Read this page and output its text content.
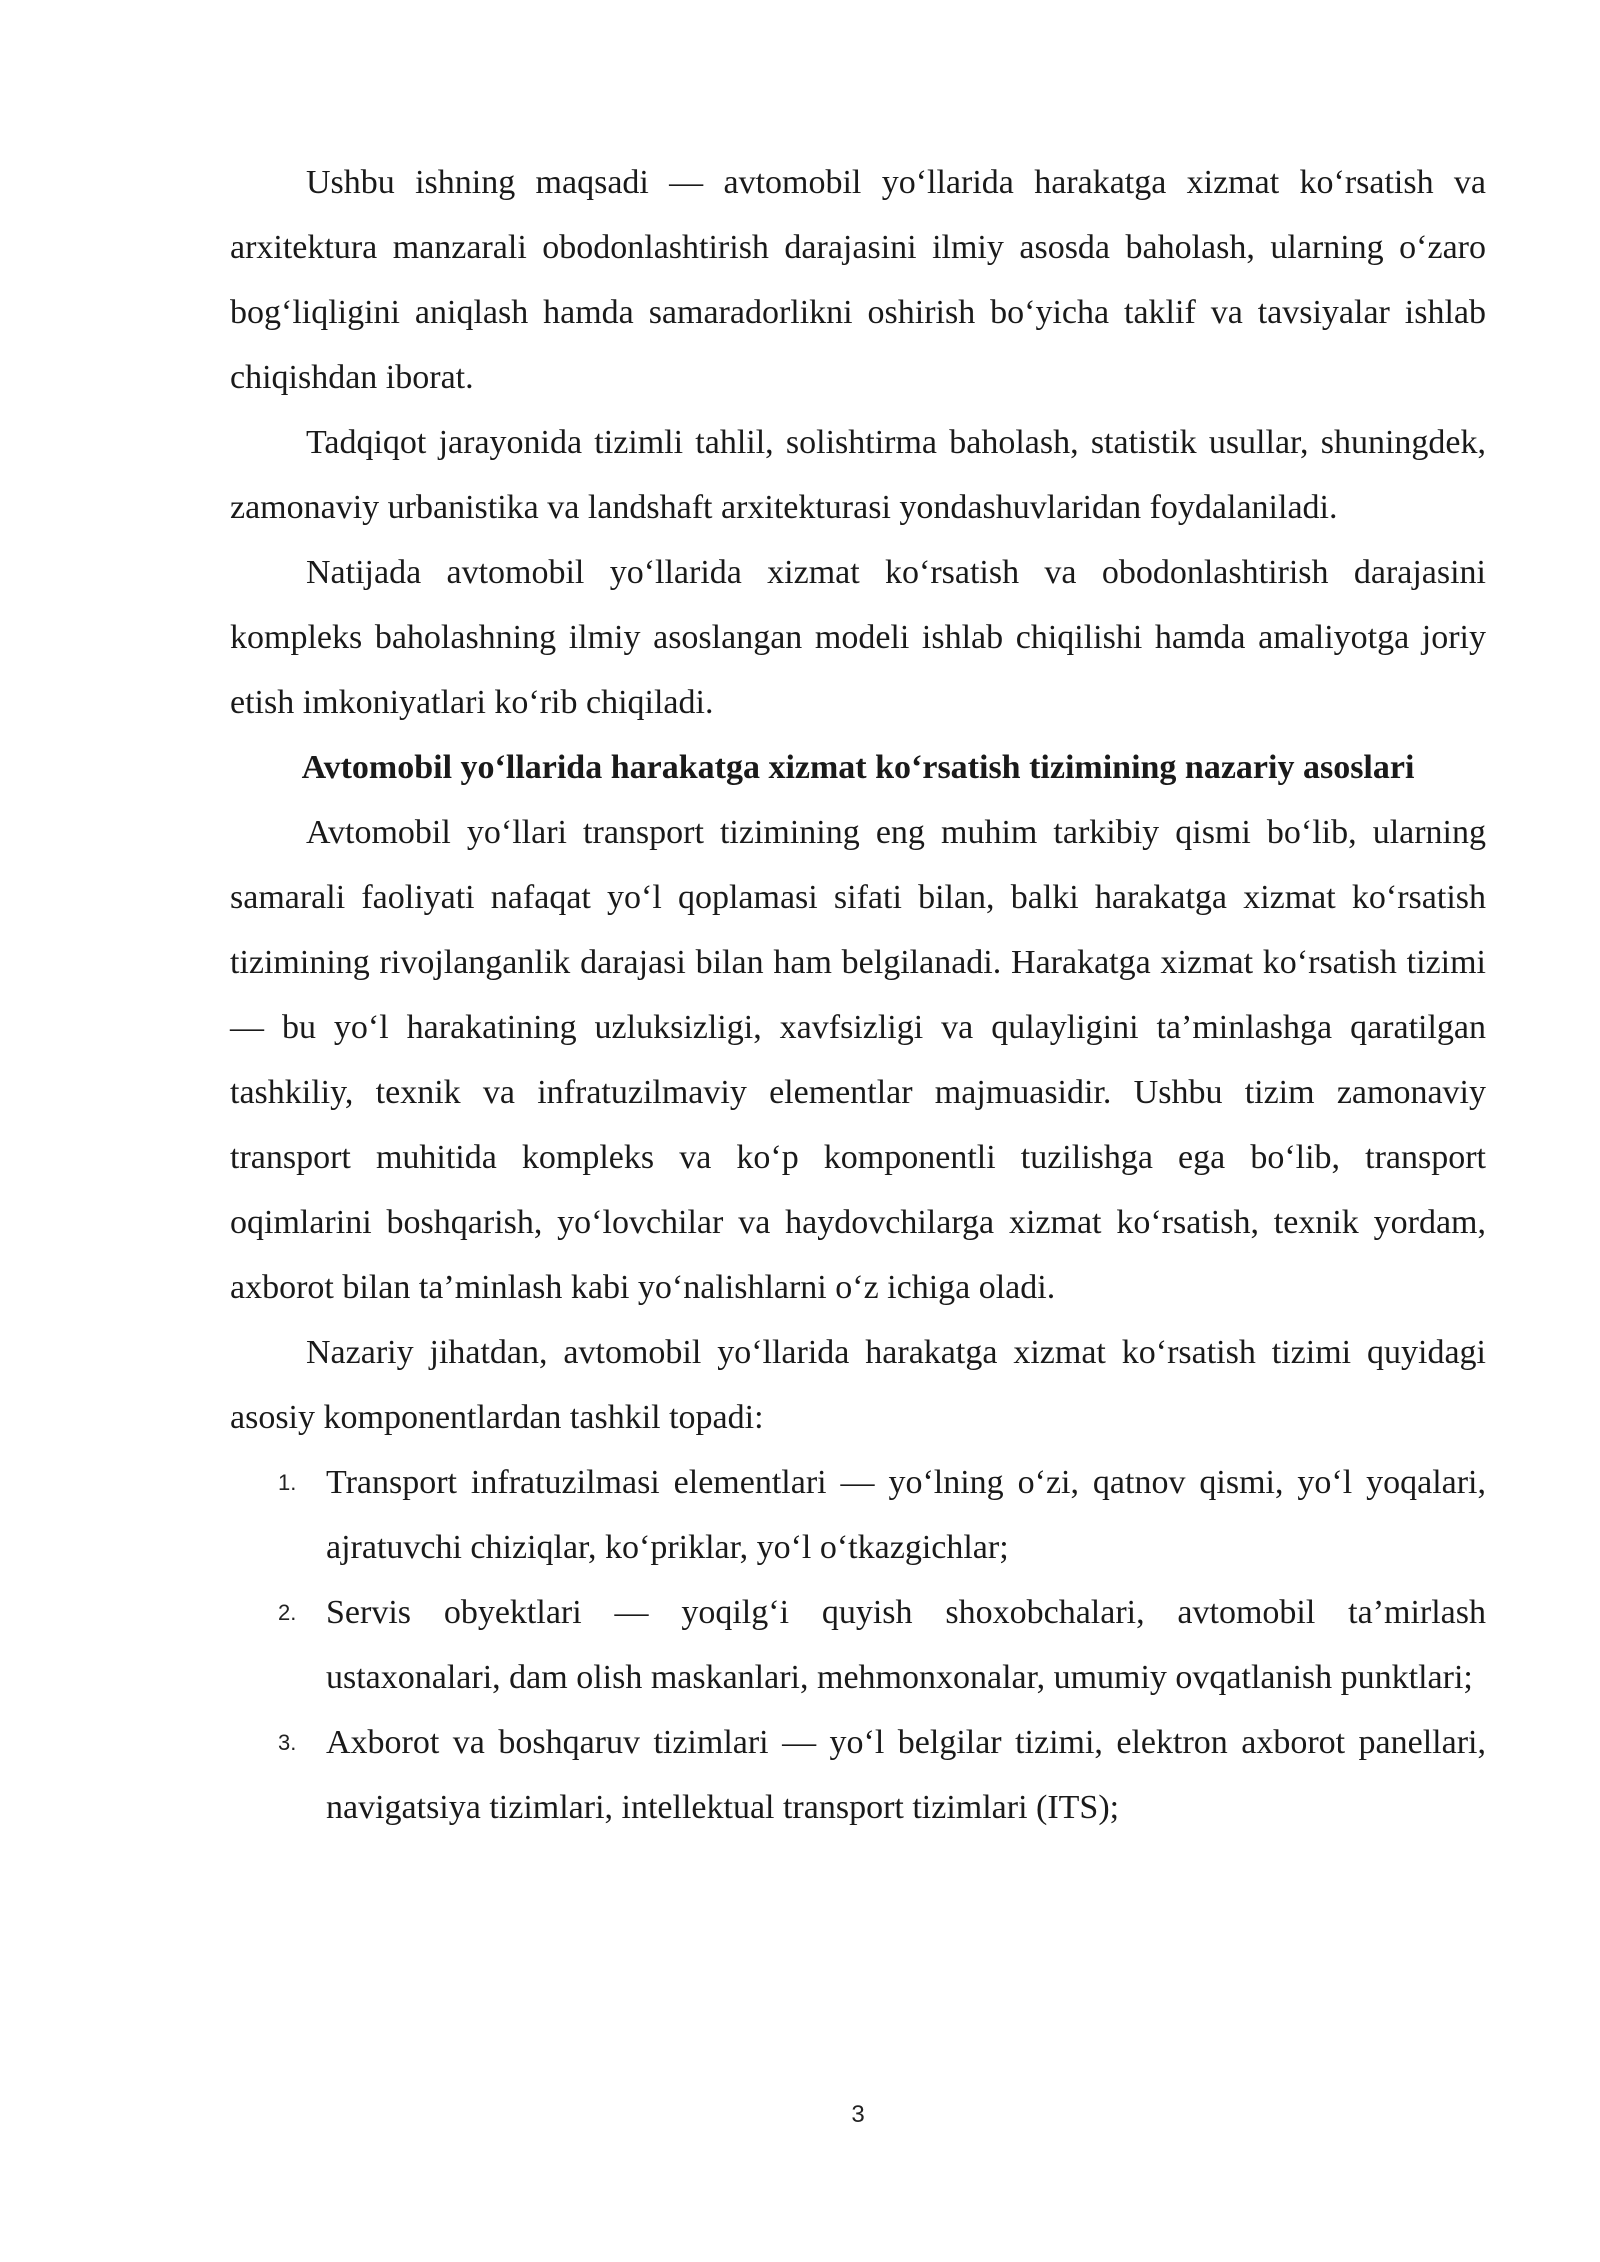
Ushbu ishning maqsadi — avtomobil yo‘llarida harakatga xizmat ko‘rsatish va arxitektura manzarali obodonlashtirish darajasini ilmiy asosda baholash, ularning o‘zaro bog‘liqligini aniqlash hamda samaradorlikni oshirish bo‘yicha taklif va tavsiyalar ishlab chiqishdan iborat.

Tadqiqot jarayonida tizimli tahlil, solishtirma baholash, statistik usullar, shuningdek, zamonaviy urbanistika va landshaft arxitekturasi yondashuvlaridan foydalaniladi.

Natijada avtomobil yo‘llarida xizmat ko‘rsatish va obodonlashtirish darajasini kompleks baholashning ilmiy asoslangan modeli ishlab chiqilishi hamda amaliyotga joriy etish imkoniyatlari ko‘rib chiqiladi.

Avtomobil yo‘llarida harakatga xizmat ko‘rsatish tizimining nazariy asoslari

Avtomobil yo‘llari transport tizimining eng muhim tarkibiy qismi bo‘lib, ularning samarali faoliyati nafaqat yo‘l qoplamasi sifati bilan, balki harakatga xizmat ko‘rsatish tizimining rivojlanganlik darajasi bilan ham belgilanadi. Harakatga xizmat ko‘rsatish tizimi — bu yo‘l harakatining uzluksizligi, xavfsizligi va qulayligini ta’minlashga qaratilgan tashkiliy, texnik va infratuzilmaviy elementlar majmuasidir. Ushbu tizim zamonaviy transport muhitida kompleks va ko‘p komponentli tuzilishga ega bo‘lib, transport oqimlarini boshqarish, yo‘lovchilar va haydovchilarga xizmat ko‘rsatish, texnik yordam, axborot bilan ta’minlash kabi yo‘nalishlarni o‘z ichiga oladi.

Nazariy jihatdan, avtomobil yo‘llarida harakatga xizmat ko‘rsatish tizimi quyidagi asosiy komponentlardan tashkil topadi:

1. Transport infratuzilmasi elementlari — yo‘lning o‘zi, qatnov qismi, yo‘l yoqalari, ajratuvchi chiziqlar, ko‘priklar, yo‘l o‘tkazgichlar;
2. Servis obyektlari — yoqilg‘i quyish shoxobchalari, avtomobil ta’mirlash ustaxonalari, dam olish maskanlari, mehmonxonalar, umumiy ovqatlanish punktlari;
3. Axborot va boshqaruv tizimlari — yo‘l belgilar tizimi, elektron axborot panellari, navigatsiya tizimlari, intellektual transport tizimlari (ITS);
3
